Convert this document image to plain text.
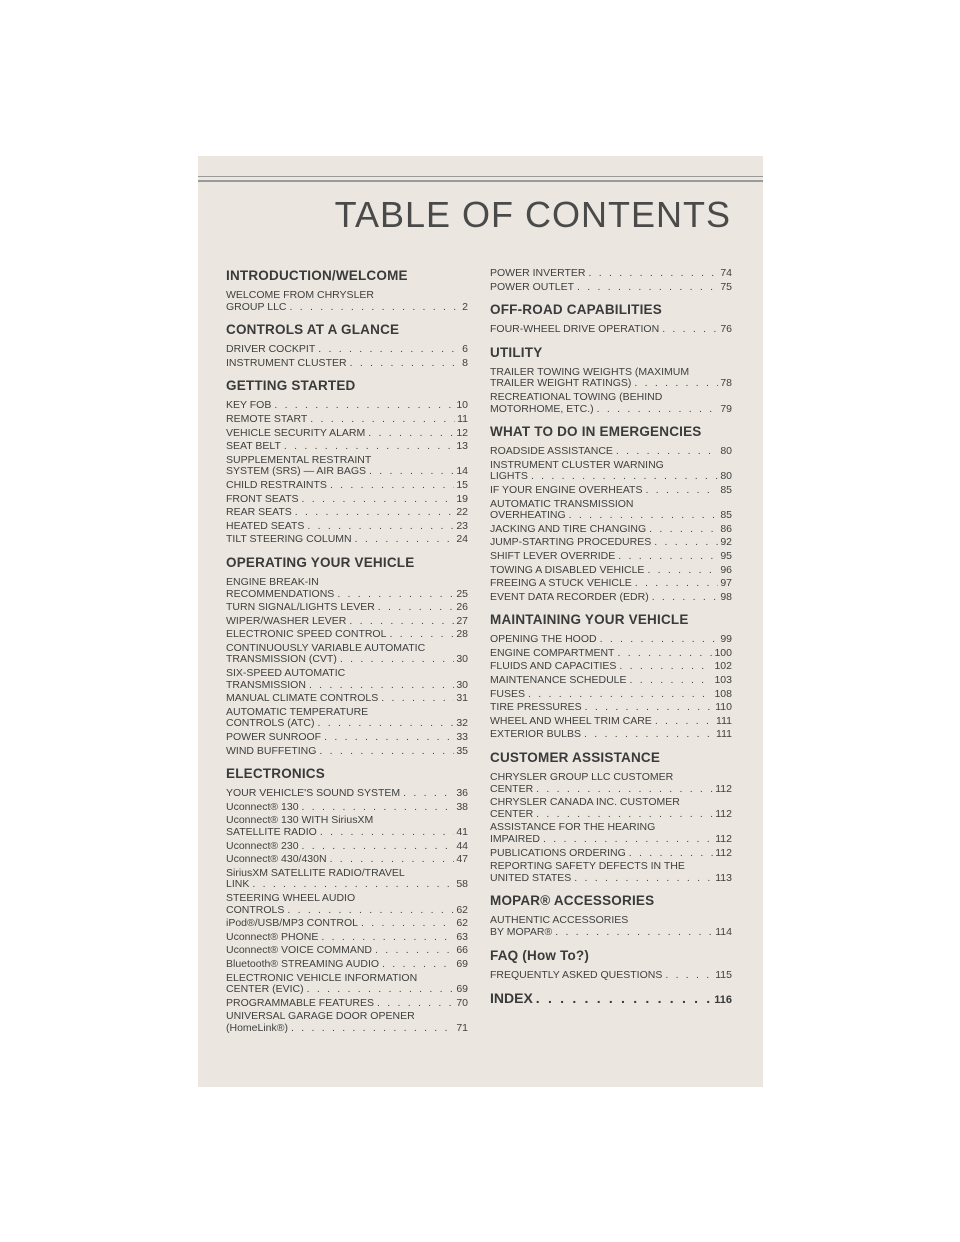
TABLE OF CONTENTS
INTRODUCTION/WELCOME
WELCOME FROM CHRYSLER
GROUP LLC . . .	2
CONTROLS AT A GLANCE
DRIVER COCKPIT . . .	6
INSTRUMENT CLUSTER . . .	8
GETTING STARTED
KEY FOB . . .	10
REMOTE START . . .	11
VEHICLE SECURITY ALARM . . .	12
SEAT BELT . . .	13
SUPPLEMENTAL RESTRAINT
SYSTEM (SRS) — AIR BAGS . . .	14
CHILD RESTRAINTS . . .	15
FRONT SEATS . . .	19
REAR SEATS . . .	22
HEATED SEATS . . .	23
TILT STEERING COLUMN . . .	24
OPERATING YOUR VEHICLE
ENGINE BREAK-IN
RECOMMENDATIONS . . .	25
TURN SIGNAL/LIGHTS LEVER . . .	26
WIPER/WASHER LEVER . . .	27
ELECTRONIC SPEED CONTROL . . .	28
CONTINUOUSLY VARIABLE AUTOMATIC
TRANSMISSION (CVT) . . .	30
SIX-SPEED AUTOMATIC
TRANSMISSION . . .	30
MANUAL CLIMATE CONTROLS . . .	31
AUTOMATIC TEMPERATURE
CONTROLS (ATC) . . .	32
POWER SUNROOF . . .	33
WIND BUFFETING . . .	35
ELECTRONICS
YOUR VEHICLE'S SOUND SYSTEM . . .	36
Uconnect® 130 . . .	38
Uconnect® 130 WITH SiriusXM
SATELLITE RADIO . . .	41
Uconnect® 230 . . .	44
Uconnect® 430/430N . . .	47
SiriusXM SATELLITE RADIO/TRAVEL
LINK . . .	58
STEERING WHEEL AUDIO
CONTROLS . . .	62
iPod®/USB/MP3 CONTROL . . .	62
Uconnect® PHONE . . .	63
Uconnect® VOICE COMMAND . . .	66
Bluetooth® STREAMING AUDIO . . .	69
ELECTRONIC VEHICLE INFORMATION
CENTER (EVIC) . . .	69
PROGRAMMABLE FEATURES . . .	70
UNIVERSAL GARAGE DOOR OPENER
(HomeLink®) . . .	71
POWER INVERTER . . .	74
POWER OUTLET . . .	75
OFF-ROAD CAPABILITIES
FOUR-WHEEL DRIVE OPERATION . . .	76
UTILITY
TRAILER TOWING WEIGHTS (MAXIMUM
TRAILER WEIGHT RATINGS) . . .	78
RECREATIONAL TOWING (BEHIND
MOTORHOME, ETC.) . . .	79
WHAT TO DO IN EMERGENCIES
ROADSIDE ASSISTANCE . . .	80
INSTRUMENT CLUSTER WARNING
LIGHTS . . .	80
IF YOUR ENGINE OVERHEATS . . .	85
AUTOMATIC TRANSMISSION
OVERHEATING . . .	85
JACKING AND TIRE CHANGING . . .	86
JUMP-STARTING PROCEDURES . . .	92
SHIFT LEVER OVERRIDE . . .	95
TOWING A DISABLED VEHICLE . . .	96
FREEING A STUCK VEHICLE . . .	97
EVENT DATA RECORDER (EDR) . . .	98
MAINTAINING YOUR VEHICLE
OPENING THE HOOD . . .	99
ENGINE COMPARTMENT . . .	100
FLUIDS AND CAPACITIES . . .	102
MAINTENANCE SCHEDULE . . .	103
FUSES . . .	108
TIRE PRESSURES . . .	110
WHEEL AND WHEEL TRIM CARE . . .	111
EXTERIOR BULBS . . .	111
CUSTOMER ASSISTANCE
CHRYSLER GROUP LLC CUSTOMER
CENTER . . .	112
CHRYSLER CANADA INC. CUSTOMER
CENTER . . .	112
ASSISTANCE FOR THE HEARING
IMPAIRED . . .	112
PUBLICATIONS ORDERING . . .	112
REPORTING SAFETY DEFECTS IN THE
UNITED STATES . . .	113
MOPAR® ACCESSORIES
AUTHENTIC ACCESSORIES
BY MOPAR® . . .	114
FAQ (How To?)
FREQUENTLY ASKED QUESTIONS . . .	115
INDEX . . .	116
